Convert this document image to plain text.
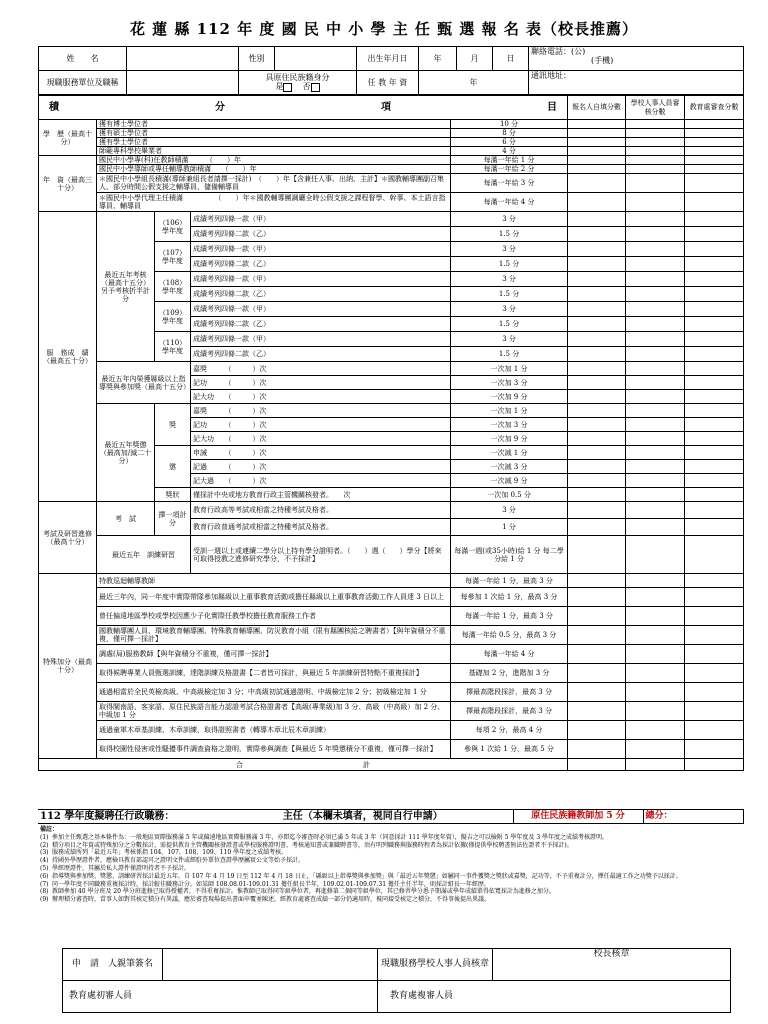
花 蓮 縣 112 年 度 國 民 中 小 學 主 任 甄 選 報 名 表（校長推薦）
姓　　名		性別		出生年月日	年	月	日	聯絡電話：(公)
(手機)

現職服務單位及職稱		具原住民族籍身分
是 否		任 教 年 資	年			通訊地址：
積 分 項 目					報名人自填分數	學校人事人員審核分數	教育處審查分數
學　歷（最高十分）	獲有博士學位者			10 分			
	獲有碩士學位者			8 分			
	獲有學士學位者			6 分			
	師範專科學校畢業者			4 分			
年　資（最高三十分）	國民中小學專(科)任教師積滿　　　（　　）年			每滿一年給 1 分			
	國民中小學導師或專任輔導教師積滿　　（　　）年			每滿一年給 2 分			
	＊國民中小學組長積滿(導師兼組長者請擇一採計)　（　　）年【含兼任人事、出納、主計】＊國教輔導團副召集人、部分時間公假支援之輔導員、儲備輔導員			每滿一年給 3 分			
	＊國民中小學代理主任積滿　　　　　（　　）年＊國教輔導團調廳全時公假支援之課程督學、幹事、本土語言指導員、輔導員			每滿一年給 4 分			
服　務成　績（最高五十分）	最近五年考核（最高十五分）另予考核折半計分	（106）學年度	成績考列四條一款（甲）	3 分			
			成績考列四條二款（乙）	1.5 分			
		（107）學年度	成績考列四條一款（甲）	3 分			
			成績考列四條二款（乙）	1.5 分			
		（108）學年度	成績考列四條一款（甲）	3 分			
			成績考列四條二款（乙）	1.5 分			
		（109）學年度	成績考列四條一款（甲）	3 分			
			成績考列四條二款（乙）	1.5 分			
		（110）學年度	成績考列四條一款（甲）	3 分			
			成績考列四條二款（乙）	1.5 分			
	最近五年內榮獲縣級以上指導獎與參加獎（最高十五分）		嘉獎　　　（　　　）次	一次加 1 分			
			記功　　　（　　　）次	一次加 3 分			
			記大功　　（　　　）次	一次加 9 分			
	最近五年獎懲（最高加/減二十分）	獎	嘉獎　　　（　　　）次	一次加 1 分			
			記功　　　（　　　）次	一次加 3 分			
			記大功　　（　　　）次	一次加 9 分			
		懲	申誡　　　（　　　）次	一次減 1 分			
			記過　　　（　　　）次	一次減 3 分			
			記大過　　（　　　）次	一次減 9 分			
		獎狀	僅採計中央或地方教育行政主管機關核發者。　　次	一次加 0.5 分			
考試及研習進修（最高十分）	考　試	擇一項計分	教育行政高等考試或相當之特種考試及格者。	3 分			
			教育行政普通考試或相當之特種考試及格者。	1 分			
	最近五年　訓練研習		受訓一週以上或連續二學分以上持有學分證明者。（　　）週（　　）學分【將來可取得授教之進修研究學分，不予採計】	每滿一週(或35小時)給 1 分 每二學分給 1 分			
特殊加分（最高十分）	特教巡迴輔導教師			每滿一年給 1 分，最高 3 分			
	最近三年內，同一年度中實際帶隊參加縣級以上重事教育活動或擔任縣級以上重事教育活動工作人員達 3 日以上			每參加 1 次給 1 分，最高 3 分			
	曾任偏遠地區學校或學校因應少子化實際任教學校擔任教育服務工作者			每滿一年給 1 分，最高 3 分			
	國教輔導團人員、環境教育輔導團、特殊教育輔導團、防災教育小組（限有縣團核給之聘書者）【與年資積分不重複，僅可擇一採計】			每滿一年給 0.5 分，最高 3 分			
	調處(局)服務教師【與年資積分不重複，僅可擇一採計】			每滿一年給 4 分			
	取得候聘專業人員甄選訓練，達階訓練及格證書【二者皆可採計，與最近 5 年訓練研習特點不重複採計】			基礎加 2 分，進階加 3 分			
	通過相當於全民英檢高級、中高級檢定加 3 分；中高級初試通過證明、中級檢定加 2 分；初級檢定加 1 分			擇最高階段採計，最高 3 分			
	取得閩南語、客家語、原住民族語言能力認證考試合格證書者【高級(專業級)加 3 分、高級（中高級）加 2 分、中級加 1 分			擇最高階段採計，最高 3 分			
	通過童軍木章基訓練、木章訓練，取得證照書者（轉導木章北辰木章訓練）			每項 2 分，最高 4 分			
	取得校園性侵害或性騷擾事件調查資格之證明，實際參與調查【與最近 5 年獎懲積分不重複，僅可擇一採計】			參與 1 次給 1 分，最高 5 分			
合 計							
112 學年度擬聘任行政職務：	主任（本欄未填者，視同自行申請）	原住民族籍教師加 5 分	總分：
備註：
(1) 參加主任甄選之基本條件為：一般地區實際服務滿 5 年或偏遠地區實際服務滿 3 年，亦即迄今審查時必須已滿 5 年或 3 年（同意採計 111 學年度年資），擬吉之可以檢附 5 學年度及 3 學年度之成績考核證明。
(2) 積分項目之年資或特殊加分之分數採計，需提供教育主管機關核發證書或學校服務證明書，考核通知書或兼職聘書等，須有明列職務與服務時程者為採計依據(僅提供學校聘書無法佐證者不予採計)。
(3) 服務成績所列「最近五年」考核係指 104、107、108、109、110 學年度之成績考核。
(4) 持國外學歷證件者，應檢具教育部認可之證明文件或經駐外單位查證學歷屬實公文等始予採計。
(5) 學經歷證件，其屬於私人證件僅證明持者不予採計。
(6) 指導獎與參加獎、獎懲、訓練研習採計最近五年，自 107 年 4 月 19 日至 112 年 4 月 18 日止，「縣級以上指導獎與參加獎」與「最近五年獎懲」如屬同一事件獲獎之獎狀或嘉獎，記功等，不予重複計分，擇任最適工作之功獎予以採計。
(7) 同一學年度不同職務重複採計時，採計較佳職務計分。如某師 108.08.01-109.01.31 擔任組長半年，109.02.01-109.07.31 擔任主任半年，則採計組長一年經歷。
(8) 教師參加 40 學分班及 20 學分班進修已取得授權者，不得重複採計。惟教師已取得同等級學位者，再進修第二個同等級學位，其已修習學分悉予期滿或學年成績單得依寬採計為進修之加分。
(9) 辦理積分審查時，當事人如對其核定積分有異議，應於審查現場提出書面申覆並陳述，經教育處審查成績一部分仍適用時，視同接受核定之積分，不得事後提出異議。
申　請　人親筆簽名		現職服務學校人事人員核章	校長核章
教育處初審人員		教育處複審人員	
